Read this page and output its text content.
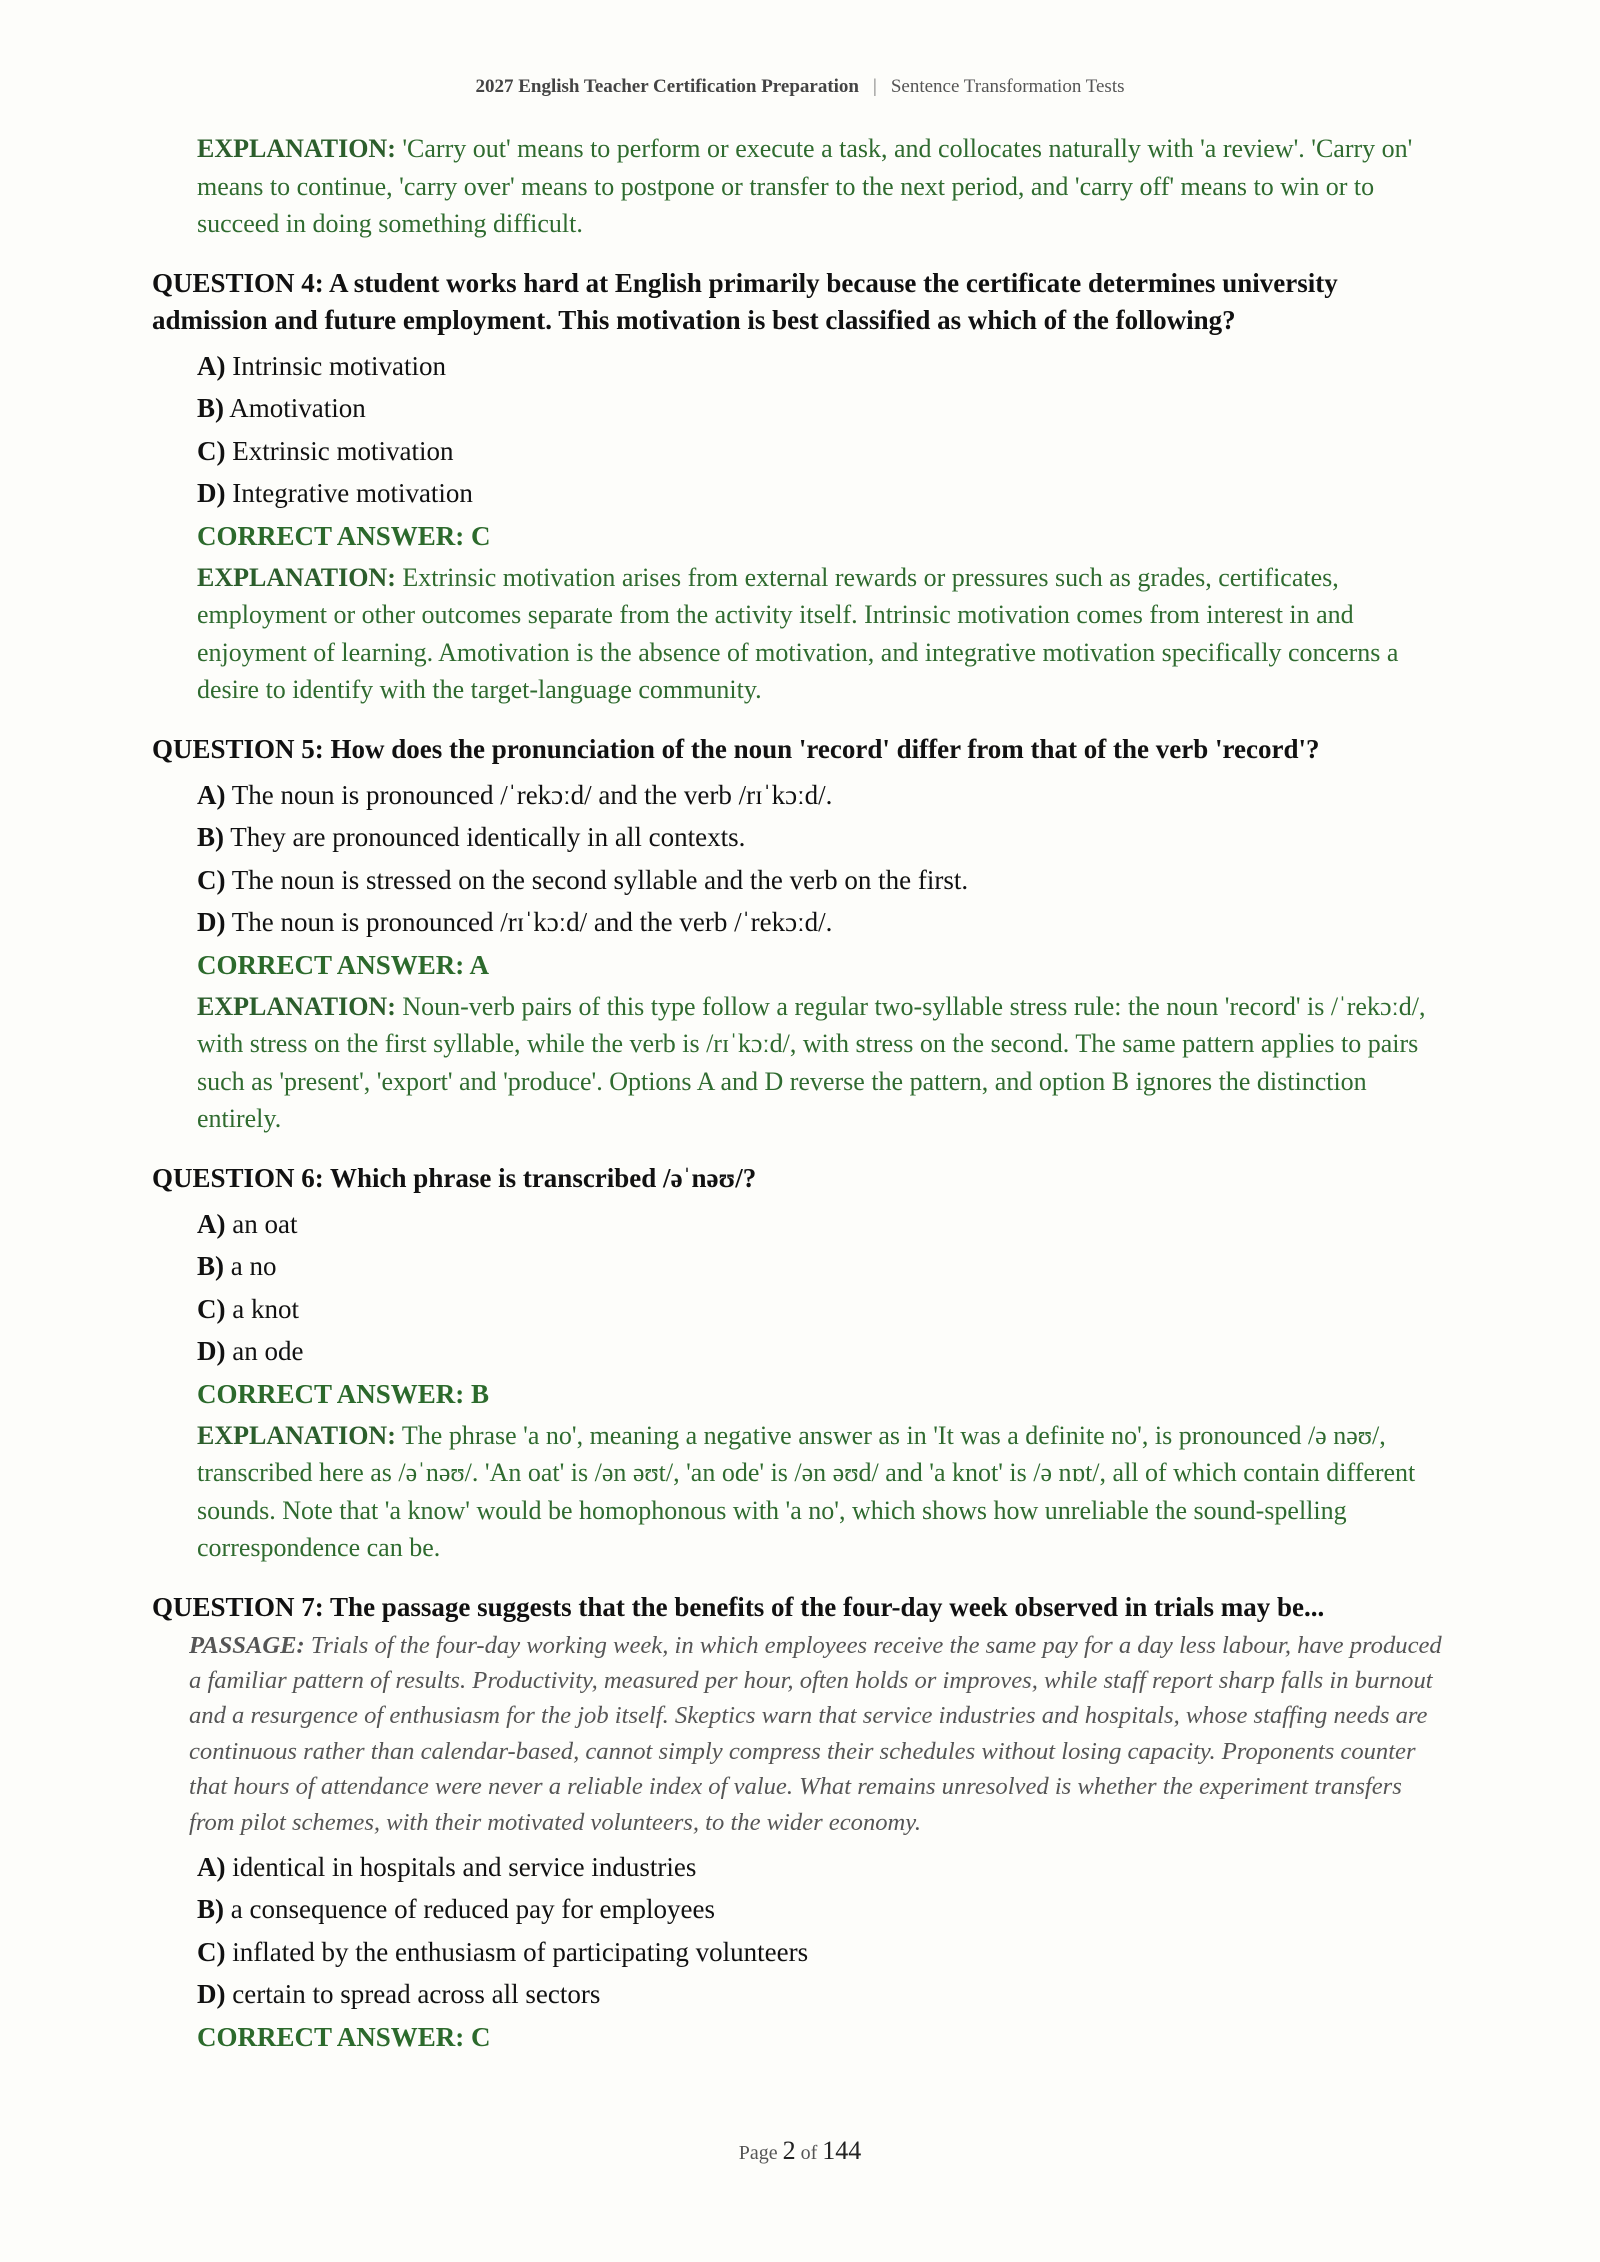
2027 English Teacher Certification Preparation | Sentence Transformation Tests
EXPLANATION: 'Carry out' means to perform or execute a task, and collocates naturally with 'a review'. 'Carry on' means to continue, 'carry over' means to postpone or transfer to the next period, and 'carry off' means to win or to succeed in doing something difficult.
QUESTION 4: A student works hard at English primarily because the certificate determines university admission and future employment. This motivation is best classified as which of the following?
A) Intrinsic motivation
B) Amotivation
C) Extrinsic motivation
D) Integrative motivation
CORRECT ANSWER: C
EXPLANATION: Extrinsic motivation arises from external rewards or pressures such as grades, certificates, employment or other outcomes separate from the activity itself. Intrinsic motivation comes from interest in and enjoyment of learning. Amotivation is the absence of motivation, and integrative motivation specifically concerns a desire to identify with the target-language community.
QUESTION 5: How does the pronunciation of the noun 'record' differ from that of the verb 'record'?
A) The noun is pronounced /ˈrekɔːd/ and the verb /rɪˈkɔːd/.
B) They are pronounced identically in all contexts.
C) The noun is stressed on the second syllable and the verb on the first.
D) The noun is pronounced /rɪˈkɔːd/ and the verb /ˈrekɔːd/.
CORRECT ANSWER: A
EXPLANATION: Noun-verb pairs of this type follow a regular two-syllable stress rule: the noun 'record' is /ˈrekɔːd/, with stress on the first syllable, while the verb is /rɪˈkɔːd/, with stress on the second. The same pattern applies to pairs such as 'present', 'export' and 'produce'. Options A and D reverse the pattern, and option B ignores the distinction entirely.
QUESTION 6: Which phrase is transcribed /əˈnəʊ/?
A) an oat
B) a no
C) a knot
D) an ode
CORRECT ANSWER: B
EXPLANATION: The phrase 'a no', meaning a negative answer as in 'It was a definite no', is pronounced /ə nəʊ/, transcribed here as /əˈnəʊ/. 'An oat' is /ən əʊt/, 'an ode' is /ən əʊd/ and 'a knot' is /ə nɒt/, all of which contain different sounds. Note that 'a know' would be homophonous with 'a no', which shows how unreliable the sound-spelling correspondence can be.
QUESTION 7: The passage suggests that the benefits of the four-day week observed in trials may be...
PASSAGE: Trials of the four-day working week, in which employees receive the same pay for a day less labour, have produced a familiar pattern of results. Productivity, measured per hour, often holds or improves, while staff report sharp falls in burnout and a resurgence of enthusiasm for the job itself. Skeptics warn that service industries and hospitals, whose staffing needs are continuous rather than calendar-based, cannot simply compress their schedules without losing capacity. Proponents counter that hours of attendance were never a reliable index of value. What remains unresolved is whether the experiment transfers from pilot schemes, with their motivated volunteers, to the wider economy.
A) identical in hospitals and service industries
B) a consequence of reduced pay for employees
C) inflated by the enthusiasm of participating volunteers
D) certain to spread across all sectors
CORRECT ANSWER: C
Page 2 of 144
